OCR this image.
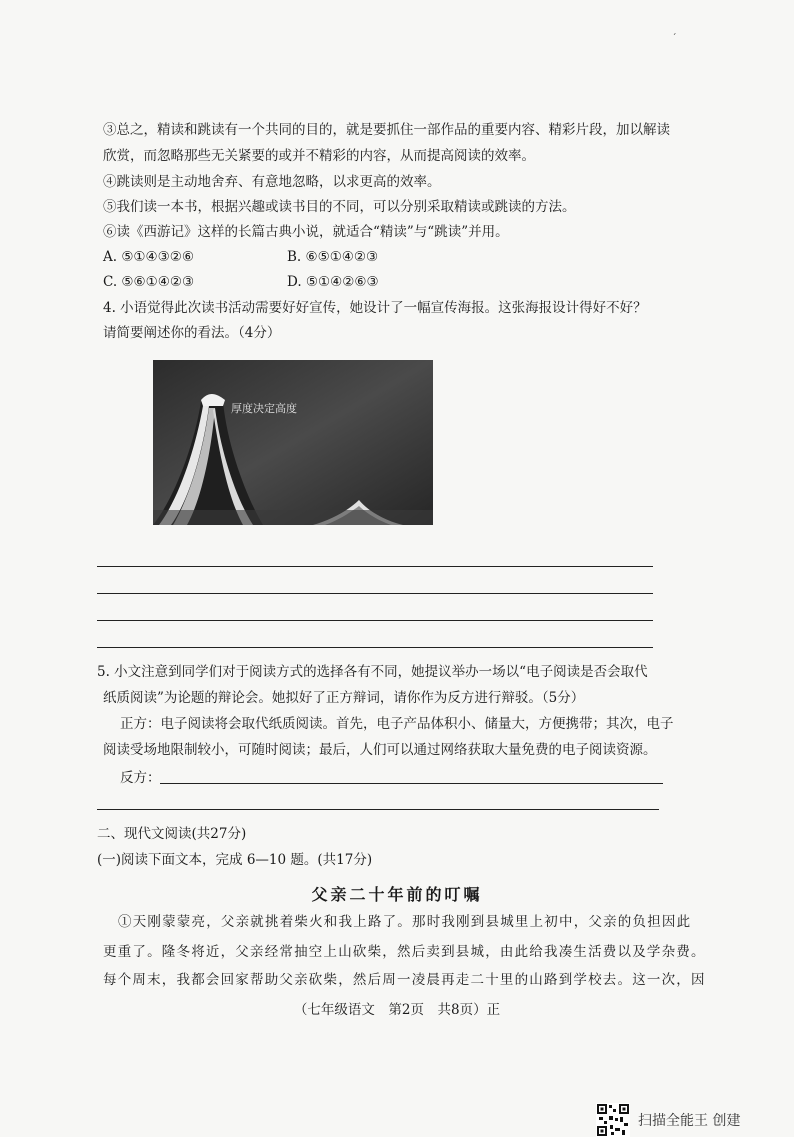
③总之，精读和跳读有一个共同的目的，就是要抓住一部作品的重要内容、精彩片段，加以解读
欣赏，而忽略那些无关紧要的或并不精彩的内容，从而提高阅读的效率。
④跳读则是主动地舍弃、有意地忽略，以求更高的效率。
⑤我们读一本书，根据兴趣或读书目的不同，可以分别采取精读或跳读的方法。
⑥读《西游记》这样的长篇古典小说，就适合“精读”与“跳读”并用。
A. ⑤①④③②⑥	B. ⑥⑤①④②③
C. ⑤⑥①④②③	D. ⑤①④②⑥③
4. 小语觉得此次读书活动需要好好宣传，她设计了一幅宣传海报。这张海报设计得好不好？
请简要阐述你的看法。（4分）
厚度决定高度
5. 小文注意到同学们对于阅读方式的选择各有不同，她提议举办一场以“电子阅读是否会取代
纸质阅读”为论题的辩论会。她拟好了正方辩词，请你作为反方进行辩驳。（5分）
正方：电子阅读将会取代纸质阅读。首先，电子产品体积小、储量大，方便携带；其次，电子
阅读受场地限制较小，可随时阅读；最后，人们可以通过网络获取大量免费的电子阅读资源。
反方：
二、现代文阅读(共27分)
(一)阅读下面文本，完成 6—10 题。(共17分)
父亲二十年前的叮嘱
①天刚蒙蒙亮，父亲就挑着柴火和我上路了。那时我刚到县城里上初中，父亲的负担因此
更重了。隆冬将近，父亲经常抽空上山砍柴，然后卖到县城，由此给我凑生活费以及学杂费。
每个周末，我都会回家帮助父亲砍柴，然后周一凌晨再走二十里的山路到学校去。这一次，因
（七年级语文　第2页　共8页）正
扫描全能王 创建
ˊ
